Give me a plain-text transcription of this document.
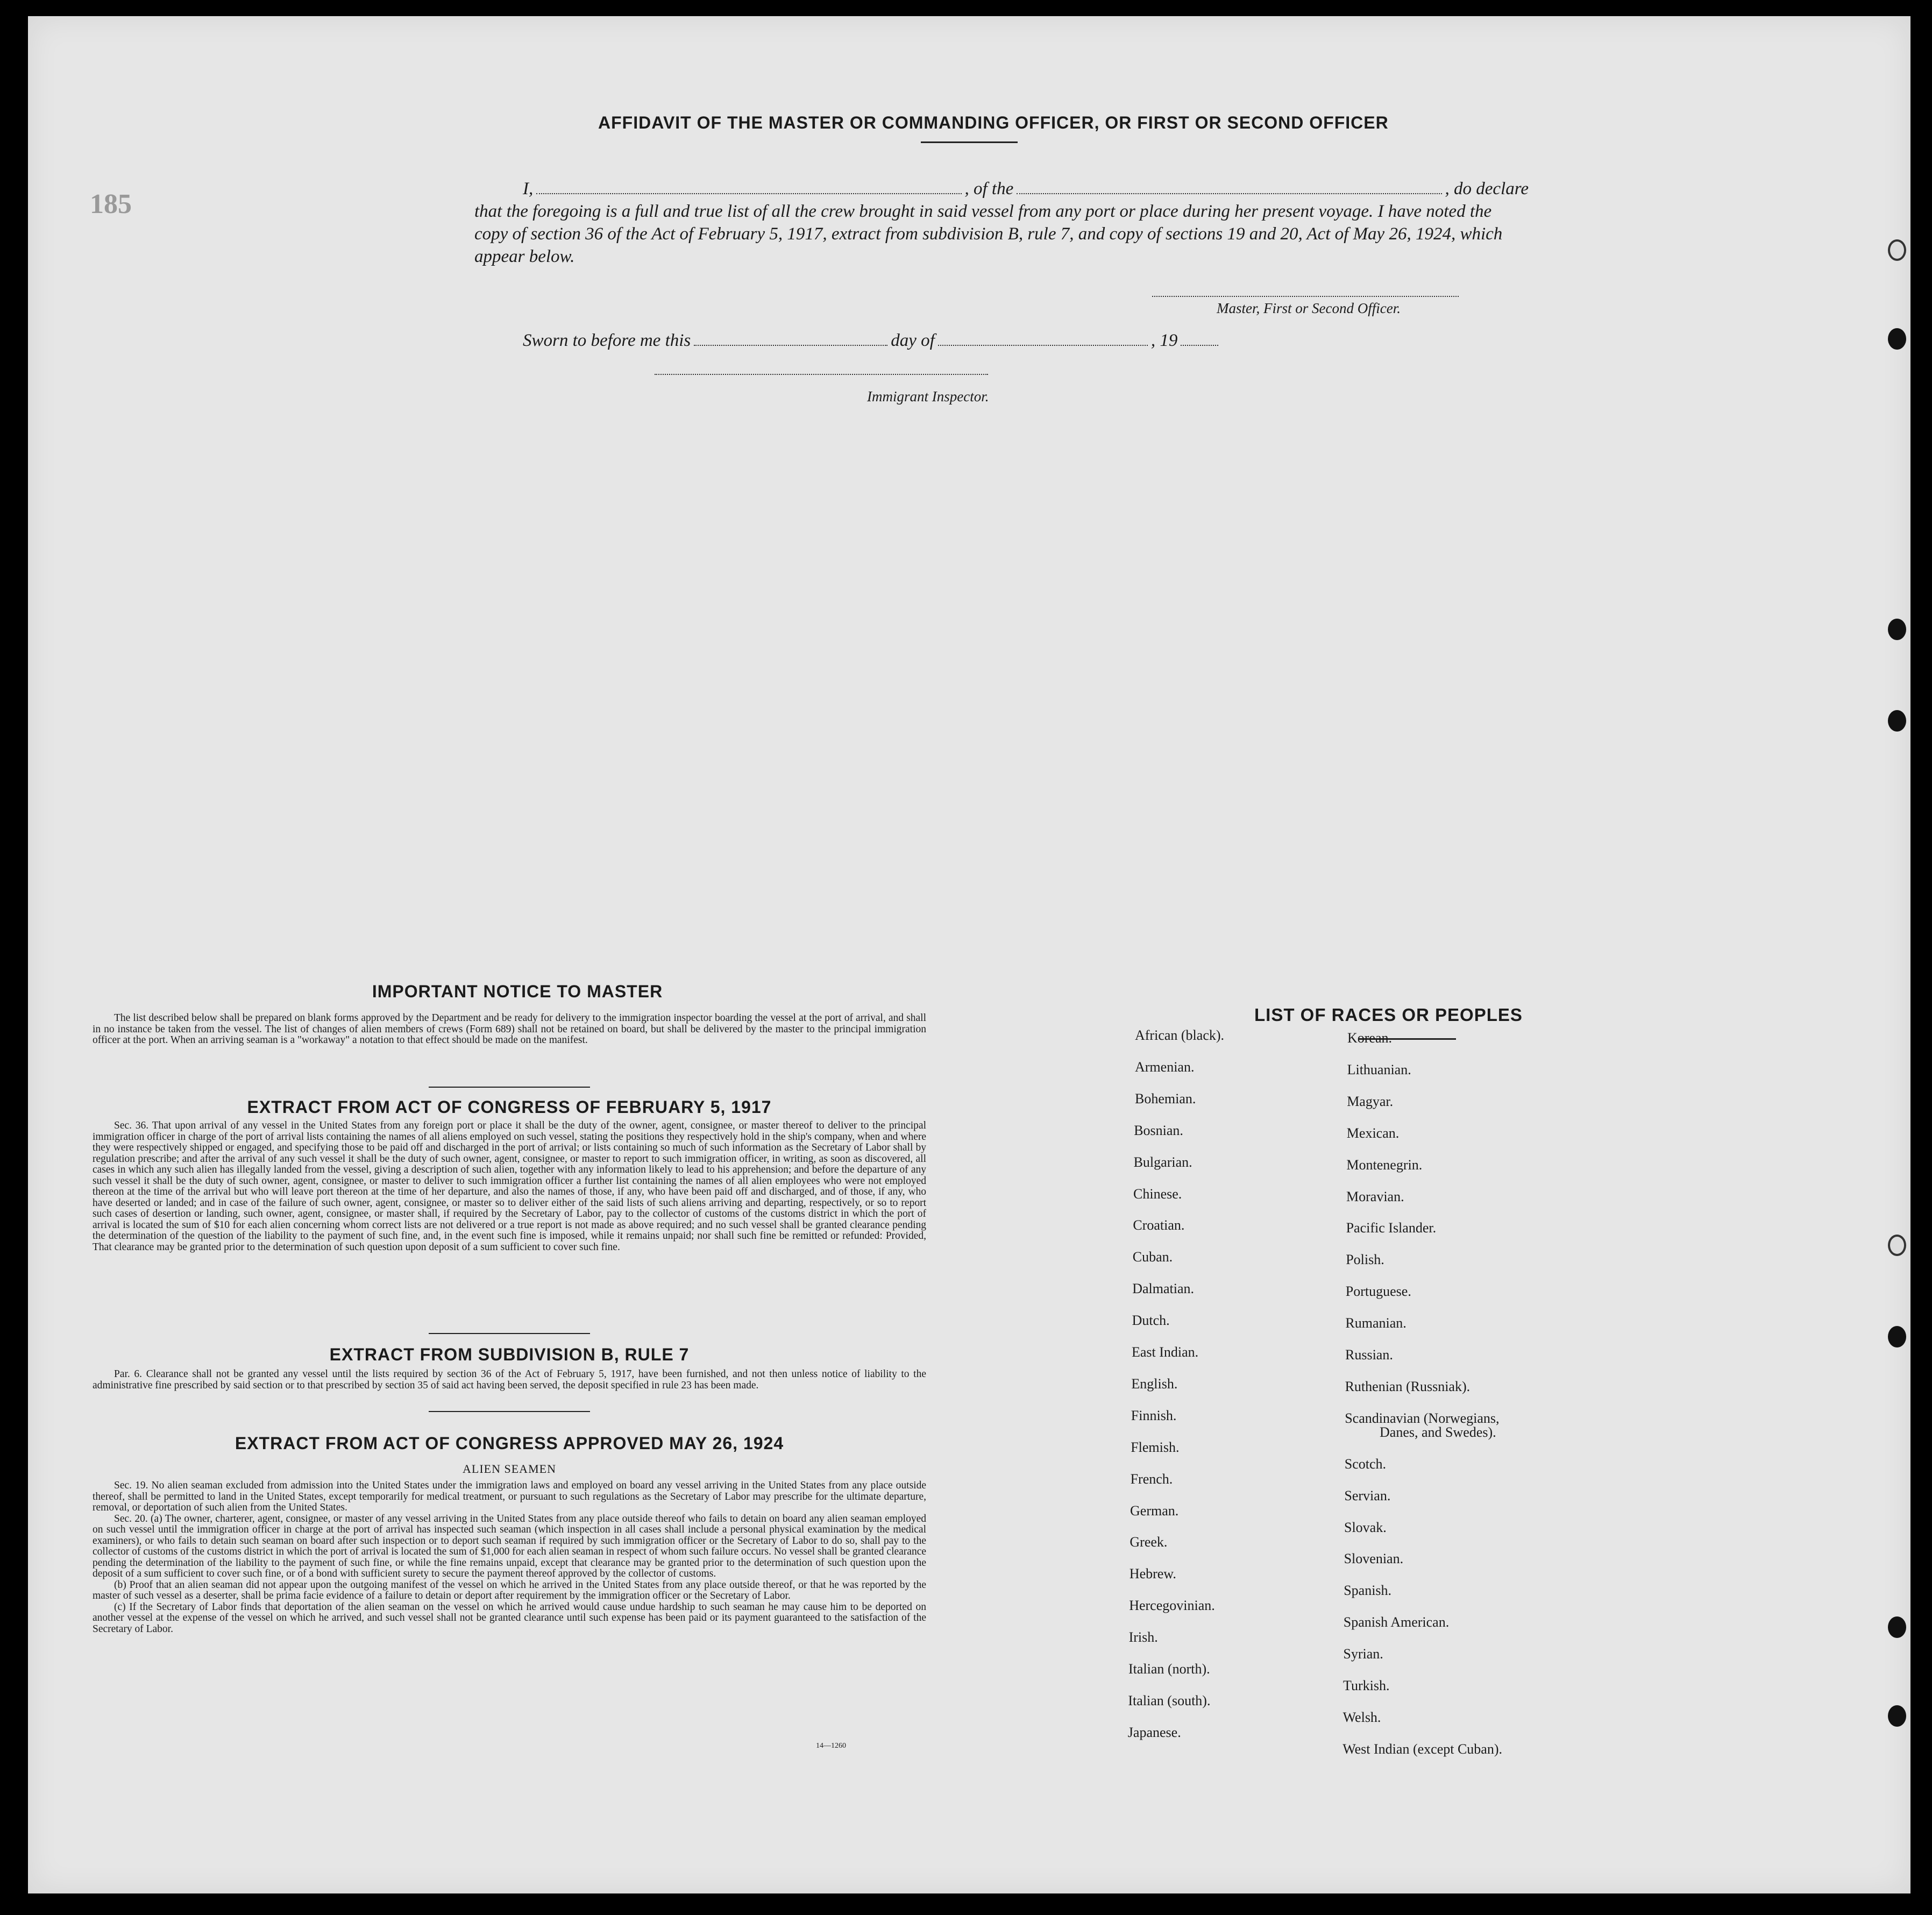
185
AFFIDAVIT OF THE MASTER OR COMMANDING OFFICER, OR FIRST OR SECOND OFFICER
I,	, of the	, do declare

that the foregoing is a full and true list of all the crew brought in said vessel from any port or place during her present voyage. I have noted the copy of section 36 of the Act of February 5, 1917, extract from subdivision B, rule 7, and copy of sections 19 and 20, Act of May 26, 1924, which appear below.

Master, First or Second Officer.
Sworn to before me this	day of	, 19
Immigrant Inspector.
IMPORTANT NOTICE TO MASTER
The list described below shall be prepared on blank forms approved by the Department and be ready for delivery to the immigration inspector boarding the vessel at the port of arrival, and shall in no instance be taken from the vessel. The list of changes of alien members of crews (Form 689) shall not be retained on board, but shall be delivered by the master to the principal immigration officer at the port. When an arriving seaman is a "workaway" a notation to that effect should be made on the manifest.
EXTRACT FROM ACT OF CONGRESS OF FEBRUARY 5, 1917
Sec. 36. That upon arrival of any vessel in the United States from any foreign port or place it shall be the duty of the owner, agent, consignee, or master thereof to deliver to the principal immigration officer in charge of the port of arrival lists containing the names of all aliens employed on such vessel, stating the positions they respectively hold in the ship's company, when and where they were respectively shipped or engaged, and specifying those to be paid off and discharged in the port of arrival; or lists containing so much of such information as the Secretary of Labor shall by regulation prescribe; and after the arrival of any such vessel it shall be the duty of such owner, agent, consignee, or master to report to such immigration officer, in writing, as soon as discovered, all cases in which any such alien has illegally landed from the vessel, giving a description of such alien, together with any information likely to lead to his apprehension; and before the departure of any such vessel it shall be the duty of such owner, agent, consignee, or master to deliver to such immigration officer a further list containing the names of all alien employees who were not employed thereon at the time of the arrival but who will leave port thereon at the time of her departure, and also the names of those, if any, who have been paid off and discharged, and of those, if any, who have deserted or landed; and in case of the failure of such owner, agent, consignee, or master so to deliver either of the said lists of such aliens arriving and departing, respectively, or so to report such cases of desertion or landing, such owner, agent, consignee, or master shall, if required by the Secretary of Labor, pay to the collector of customs of the customs district in which the port of arrival is located the sum of $10 for each alien concerning whom correct lists are not delivered or a true report is not made as above required; and no such vessel shall be granted clearance pending the determination of the question of the liability to the payment of such fine, and, in the event such fine is imposed, while it remains unpaid; nor shall such fine be remitted or refunded: Provided, That clearance may be granted prior to the determination of such question upon deposit of a sum sufficient to cover such fine.
EXTRACT FROM SUBDIVISION B, RULE 7
Par. 6. Clearance shall not be granted any vessel until the lists required by section 36 of the Act of February 5, 1917, have been furnished, and not then unless notice of liability to the administrative fine prescribed by said section or to that prescribed by section 35 of said act having been served, the deposit specified in rule 23 has been made.
EXTRACT FROM ACT OF CONGRESS APPROVED MAY 26, 1924
ALIEN SEAMEN
Sec. 19. No alien seaman excluded from admission into the United States under the immigration laws and employed on board any vessel arriving in the United States from any place outside thereof, shall be permitted to land in the United States, except temporarily for medical treatment, or pursuant to such regulations as the Secretary of Labor may prescribe for the ultimate departure, removal, or deportation of such alien from the United States.
Sec. 20. (a) The owner, charterer, agent, consignee, or master of any vessel arriving in the United States from any place outside thereof who fails to detain on board any alien seaman employed on such vessel until the immigration officer in charge at the port of arrival has inspected such seaman (which inspection in all cases shall include a personal physical examination by the medical examiners), or who fails to detain such seaman on board after such inspection or to deport such seaman if required by such immigration officer or the Secretary of Labor to do so, shall pay to the collector of customs of the customs district in which the port of arrival is located the sum of $1,000 for each alien seaman in respect of whom such failure occurs. No vessel shall be granted clearance pending the determination of the liability to the payment of such fine, or while the fine remains unpaid, except that clearance may be granted prior to the determination of such question upon the deposit of a sum sufficient to cover such fine, or of a bond with sufficient surety to secure the payment thereof approved by the collector of customs.
(b) Proof that an alien seaman did not appear upon the outgoing manifest of the vessel on which he arrived in the United States from any place outside thereof, or that he was reported by the master of such vessel as a deserter, shall be prima facie evidence of a failure to detain or deport after requirement by the immigration officer or the Secretary of Labor.
(c) If the Secretary of Labor finds that deportation of the alien seaman on the vessel on which he arrived would cause undue hardship to such seaman he may cause him to be deported on another vessel at the expense of the vessel on which he arrived, and such vessel shall not be granted clearance until such expense has been paid or its payment guaranteed to the satisfaction of the Secretary of Labor.
14—1260
LIST OF RACES OR PEOPLES
African (black).
Armenian.
Bohemian.
Bosnian.
Bulgarian.
Chinese.
Croatian.
Cuban.
Dalmatian.
Dutch.
East Indian.
English.
Finnish.
Flemish.
French.
German.
Greek.
Hebrew.
Hercegovinian.
Irish.
Italian (north).
Italian (south).
Japanese.
Korean.
Lithuanian.
Magyar.
Mexican.
Montenegrin.
Moravian.
Pacific Islander.
Polish.
Portuguese.
Rumanian.
Russian.
Ruthenian (Russniak).
Scandinavian (Norwegians,
Danes, and Swedes).
Scotch.
Servian.
Slovak.
Slovenian.
Spanish.
Spanish American.
Syrian.
Turkish.
Welsh.
West Indian (except Cuban).
